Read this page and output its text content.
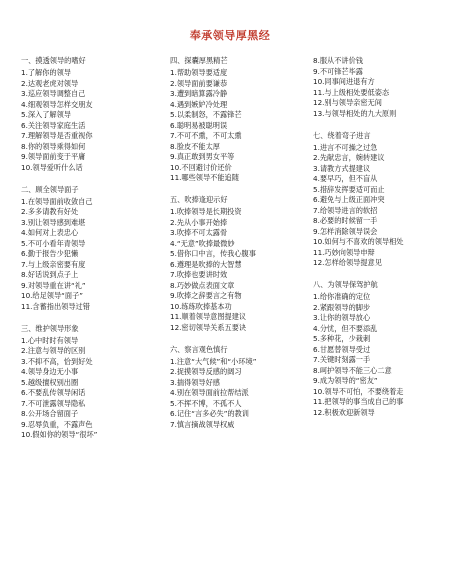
奉承领导厚黑经
一、摸透领导的嗜好
1.了解你的领导
2.达观老虎对领导
3.巡应领导调整自己
4.细观领导怎样交朋友
5.深入了解领导
6.关注领导家庭生活
7.理解领导是否重视你
8.你的领导乘得如何
9.领导面前变于平庸
10.领导爱听什么话
二、顾全领导面子
1.在领导面前收敛自己
2.多多请教有好处
3.别让领导感到难堪
4.如何对上表忠心
5.不可小看年青领导
6.勤于报告少犯懒
7.与上级亲密要有度
8.好话说到点子上
9.对领导重在讲“礼”
10.给足领导“面子”
11.含蓄指出领导过错
三、维护领导形象
1.心中时时有领导
2.注意与领导的区别
3.不抑不高，恰到好处
4.领导身边无小事
5.越级擅权别出圈
6.不要乱传领导闲话
7.不可泄露领导隐私
8.公开场合留面子
9.忍辱负重，不露声色
10.假如你的领导“很坏”
四、探囊厚黑精芒
1.帮助领导要适度
2.领导面前要谦恭
3.遭到暗算露冷静
4.遇到嫉妒冷处理
5.以柔制怒，不露锋芒
6.聪明易被聪明误
7.不可不熏，不可太熏
8.脸皮不能太厚
9.真正敢到男女平等
10.不回避讨价还价
11.哪些领导不能追随
五、吹捧逢迎示好
1.吹捧领导是长期投资
2.先从小事开始捧
3.吹捧不可太露骨
4.“无意”吹捧最微妙
5.借你口中言，传我心腹事
6.遵理是吹捧的大智慧
7.吹捧也要讲时效
8.巧妙做点表面文章
9.吹捧之辞要言之有物
10.练练吹捧基本功
11.顺着领导意图提建议
12.密切领导关系五要诀
六、察言观色慎行
1.注意“大气候”和“小环境”
2.捉摸领导反感的阔习
3.揣得领导好感
4.别在领导面前拉帮结派
5.不挥不博，不孤不人
6.记住“言多必失”的教训
7.慎言摘战领导权威
8.服从不讲价钱
9.不可锋芒毕露
10.同事间进退有方
11.与上级相处要低姿态
12.别与领导亲密无间
13.与领导相处的九大原则
七、绕着弯子进言
1.进言不可操之过急
2.先献忠言，婉转建议
3.请教方式提建议
4.要早巧，但不盲从
5.措辞发挥要适可而止
6.避免与上级正面冲突
7.给领导进言的软招
8.必要的时候留一手
9.怎样消除领导误会
10.如何与不喜欢的领导相处
11.巧妙向领导申辩
12.怎样给领导提意见
八、为领导保驾护航
1.给你准确的定位
2.紧跟领导的脚步
3.让你的领导放心
4.分忧，但不要添乱
5.多种花，少栽刺
6.甘愿替领导受过
7.关键时刻露一手
8.呵护领导不能三心二意
9.成为领导的“密友”
10.领导不可怕，不要绕着走
11.把领导的事当成自己的事
12.积极欢迎新领导
